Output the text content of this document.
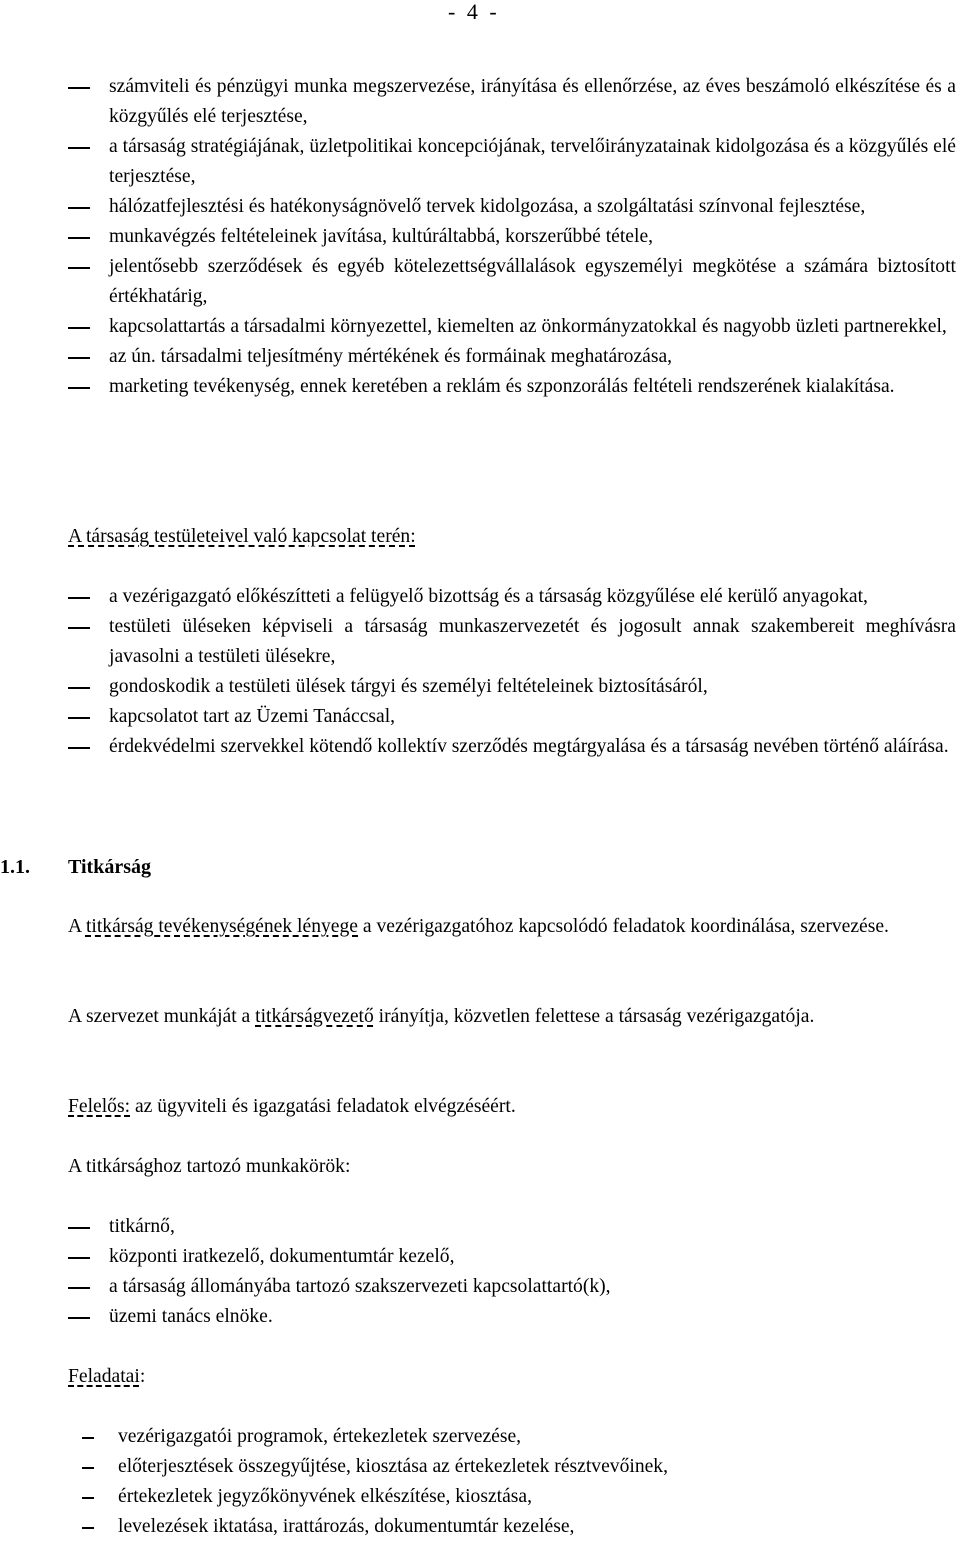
- 4 -
számviteli és pénzügyi munka megszervezése, irányítása és ellenőrzése, az éves beszámoló elkészítése és a közgyűlés elé terjesztése,
a társaság stratégiájának, üzletpolitikai koncepciójának, tervelőirányzatainak kidolgozása és a közgyűlés elé terjesztése,
hálózatfejlesztési és hatékonyságnövelő tervek kidolgozása, a szolgáltatási színvonal fejlesztése,
munkavégzés feltételeinek javítása, kultúráltabbá, korszerűbbé tétele,
jelentősebb szerződések és egyéb kötelezettségvállalások egyszemélyi megkötése a számára biztosított értékhatárig,
kapcsolattartás a társadalmi környezettel, kiemelten az önkormányzatokkal és nagyobb üzleti partnerekkel,
az ún. társadalmi teljesítmény mértékének és formáinak meghatározása,
marketing tevékenység, ennek keretében a reklám és szponzorálás feltételi rendszerének kialakítása.

A társaság testületeivel való kapcsolat terén:

a vezérigazgató előkészítteti a felügyelő bizottság és a társaság közgyűlése elé kerülő anyagokat,
testületi üléseken képviseli a társaság munkaszervezetét és jogosult annak szakembereit meghívásra javasolni a testületi ülésekre,
gondoskodik a testületi ülések tárgyi és személyi feltételeinek biztosításáról,
kapcsolatot tart az Üzemi Tanáccsal,
érdekvédelmi szervekkel kötendő kollektív szerződés megtárgyalása és a társaság nevében történő aláírása.
1.1. Titkárság

A titkárság tevékenységének lényege a vezérigazgatóhoz kapcsolódó feladatok koordinálása, szervezése.

A szervezet munkáját a titkárságvezető irányítja, közvetlen felettese a társaság vezérigazgatója.

Felelős: az ügyviteli és igazgatási feladatok elvégzéséért.

A titkársághoz tartozó munkakörök:

titkárnő,
központi iratkezelő, dokumentumtár kezelő,
a társaság állományába tartozó szakszervezeti kapcsolattartó(k),
üzemi tanács elnöke.

Feladatai:

vezérigazgatói programok, értekezletek szervezése,
előterjesztések összegyűjtése, kiosztása az értekezletek résztvevőinek,
értekezletek jegyzőkönyvének elkészítése, kiosztása,
levelezések iktatása, irattározás, dokumentumtár kezelése,
